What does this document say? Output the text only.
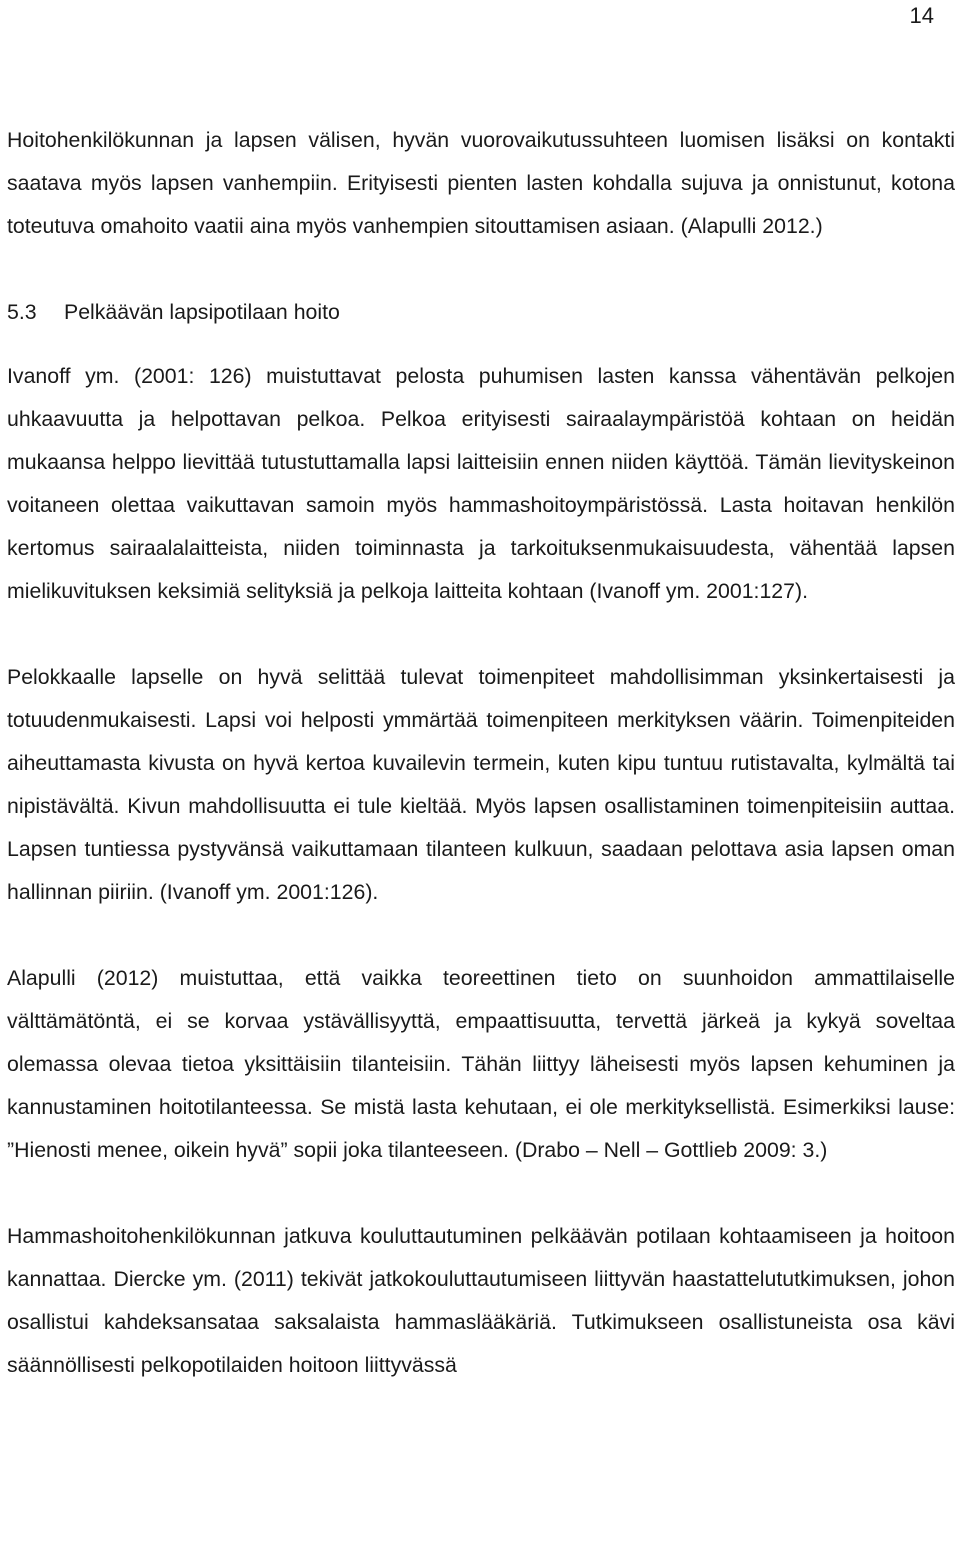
14

Hoitohenkilökunnan ja lapsen välisen, hyvän vuorovaikutussuhteen luomisen lisäksi on kontakti saatava myös lapsen vanhempiin. Erityisesti pienten lasten kohdalla sujuva ja onnistunut, kotona toteutuva omahoito vaatii aina myös vanhempien sitouttamisen asiaan. (Alapulli 2012.)

5.3 Pelkäävän lapsipotilaan hoito

Ivanoff ym. (2001: 126) muistuttavat pelosta puhumisen lasten kanssa vähentävän pelkojen uhkaavuutta ja helpottavan pelkoa. Pelkoa erityisesti sairaalaympäristöä kohtaan on heidän mukaansa helppo lievittää tutustuttamalla lapsi laitteisiin ennen niiden käyttöä. Tämän lievityskeinon voitaneen olettaa vaikuttavan samoin myös hammashoitoympäristössä. Lasta hoitavan henkilön kertomus sairaalalaitteista, niiden toiminnasta ja tarkoituksenmukaisuudesta, vähentää lapsen mielikuvituksen keksimiä selityksiä ja pelkoja laitteita kohtaan (Ivanoff ym. 2001:127).

Pelokkaalle lapselle on hyvä selittää tulevat toimenpiteet mahdollisimman yksinkertaisesti ja totuudenmukaisesti. Lapsi voi helposti ymmärtää toimenpiteen merkityksen väärin. Toimenpiteiden aiheuttamasta kivusta on hyvä kertoa kuvailevin termein, kuten kipu tuntuu rutistavalta, kylmältä tai nipistävältä. Kivun mahdollisuutta ei tule kieltää. Myös lapsen osallistaminen toimenpiteisiin auttaa. Lapsen tuntiessa pystyvänsä vaikuttamaan tilanteen kulkuun, saadaan pelottava asia lapsen oman hallinnan piiriin. (Ivanoff ym. 2001:126).

Alapulli (2012) muistuttaa, että vaikka teoreettinen tieto on suunhoidon ammattilaiselle välttämätöntä, ei se korvaa ystävällisyyttä, empaattisuutta, tervettä järkeä ja kykyä soveltaa olemassa olevaa tietoa yksittäisiin tilanteisiin. Tähän liittyy läheisesti myös lapsen kehuminen ja kannustaminen hoitotilanteessa. Se mistä lasta kehutaan, ei ole merkityksellistä. Esimerkiksi lause: ”Hienosti menee, oikein hyvä” sopii joka tilanteeseen. (Drabo – Nell – Gottlieb 2009: 3.)

Hammashoitohenkilökunnan jatkuva kouluttautuminen pelkäävän potilaan kohtaamiseen ja hoitoon kannattaa. Diercke ym. (2011) tekivät jatkokouluttautumiseen liittyvän haastattelututkimuksen, johon osallistui kahdeksansataa saksalaista hammaslääkäriä. Tutkimukseen osallistuneista osa kävi säännöllisesti pelkopotilaiden hoitoon liittyvässä
